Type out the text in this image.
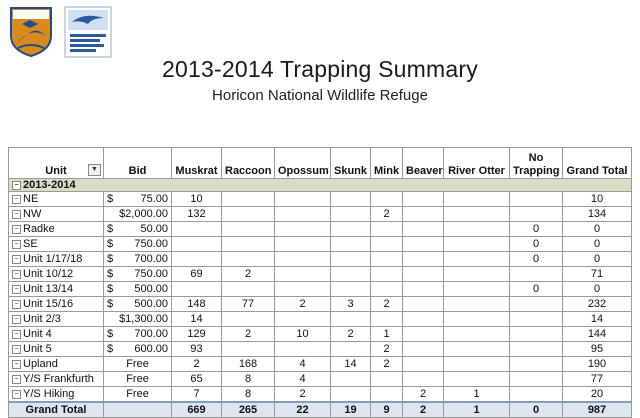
2013-2014 Trapping Summary
Horicon National Wildlife Refuge
Unit ▼	Bid	Muskrat	Raccoon	Opossum	Skunk	Mink	Beaver	River Otter	No Trapping	Grand Total
− 2013-2014										
− NE	$ 75.00	10								10
− NW	$2,000.00	132				2				134
− Radke	$ 50.00								0	0
− SE	$ 750.00								0	0
− Unit 1/17/18	$ 700.00								0	0
− Unit 10/12	$ 750.00	69	2							71
− Unit 13/14	$ 500.00								0	0
− Unit 15/16	$ 500.00	148	77	2	3	2				232
− Unit 2/3	$1,300.00	14								14
− Unit 4	$ 700.00	129	2	10	2	1				144
− Unit 5	$ 600.00	93				2				95
− Upland	Free	2	168	4	14	2				190
− Y/S Frankfurth	Free	65	8	4						77
− Y/S Hiking	Free	7	8	2			2	1		20
Grand Total		669	265	22	19	9	2	1	0	987
